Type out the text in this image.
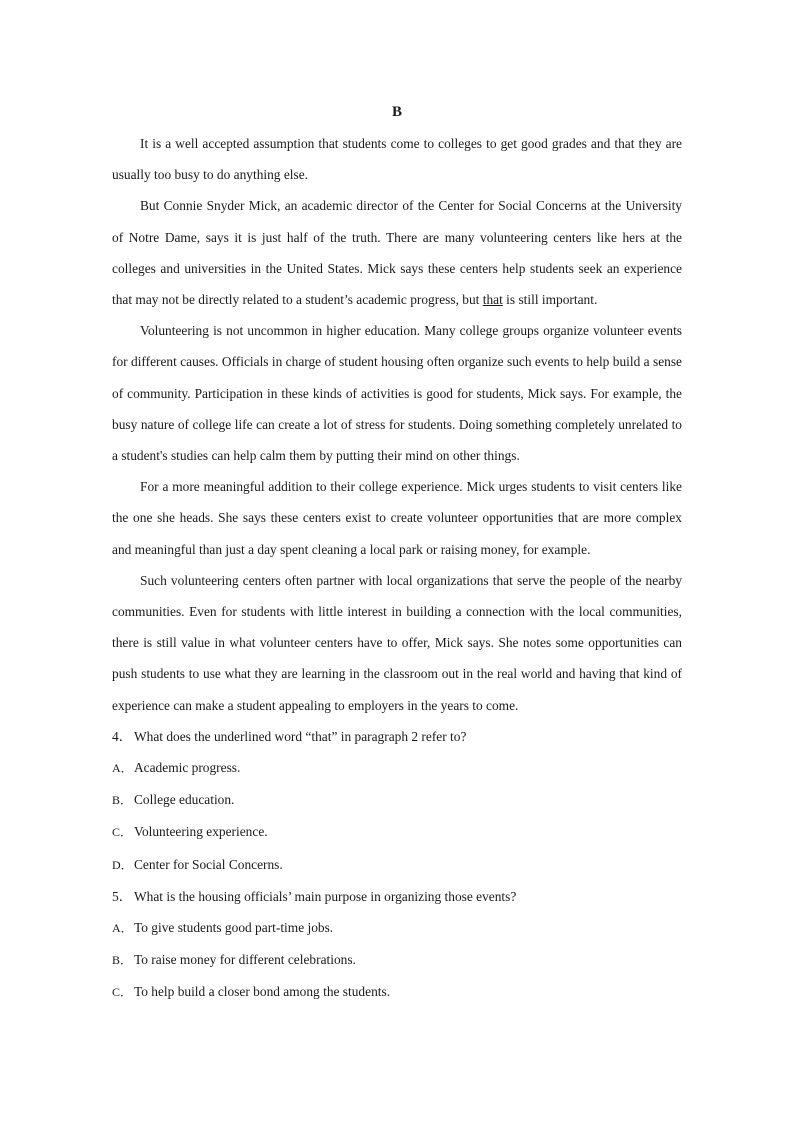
B

It is a well accepted assumption that students come to colleges to get good grades and that they are usually too busy to do anything else.

But Connie Snyder Mick, an academic director of the Center for Social Concerns at the University of Notre Dame, says it is just half of the truth. There are many volunteering centers like hers at the colleges and universities in the United States. Mick says these centers help students seek an experience that may not be directly related to a student’s academic progress, but that is still important.

Volunteering is not uncommon in higher education. Many college groups organize volunteer events for different causes. Officials in charge of student housing often organize such events to help build a sense of community. Participation in these kinds of activities is good for students, Mick says. For example, the busy nature of college life can create a lot of stress for students. Doing something completely unrelated to a student's studies can help calm them by putting their mind on other things.

For a more meaningful addition to their college experience. Mick urges students to visit centers like the one she heads. She says these centers exist to create volunteer opportunities that are more complex and meaningful than just a day spent cleaning a local park or raising money, for example.

Such volunteering centers often partner with local organizations that serve the people of the nearby communities. Even for students with little interest in building a connection with the local communities, there is still value in what volunteer centers have to offer, Mick says. She notes some opportunities can push students to use what they are learning in the classroom out in the real world and having that kind of experience can make a student appealing to employers in the years to come.

4． What does the underlined word “that” in paragraph 2 refer to?
A．Academic progress.
B． College education.
C． Volunteering experience.
D．Center for Social Concerns.
5． What is the housing officials’ main purpose in organizing those events?
A．To give students good part-time jobs.
B． To raise money for different celebrations.
C． To help build a closer bond among the students.
